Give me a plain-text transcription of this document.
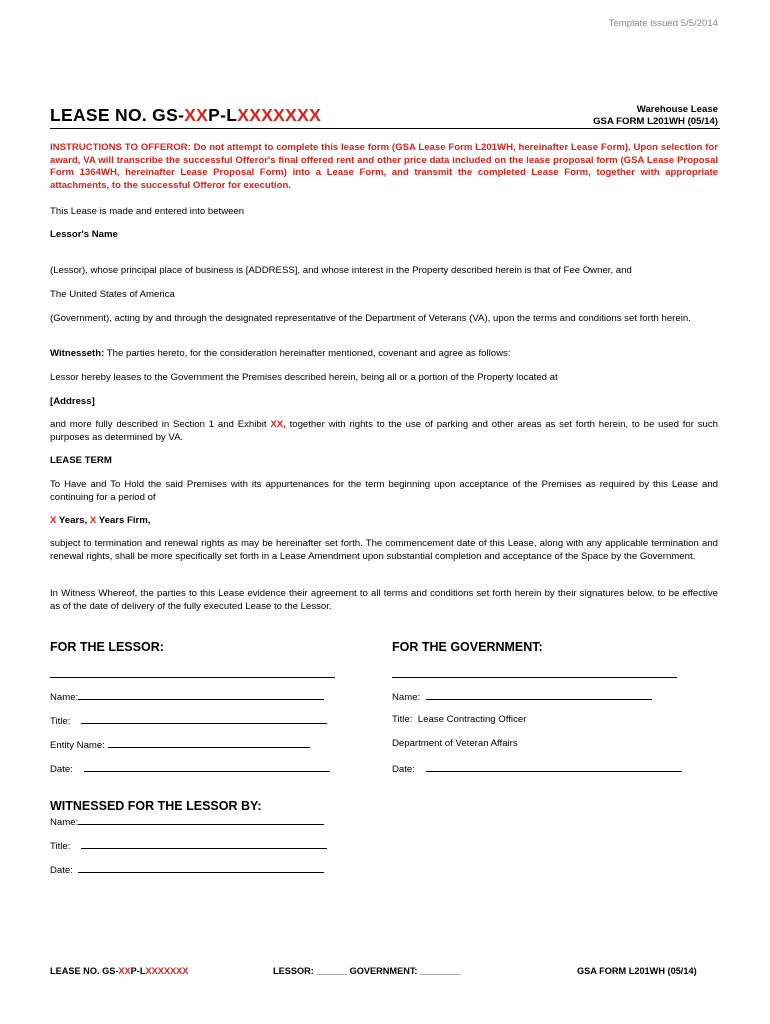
Template issued 5/5/2014
LEASE NO. GS-XXP-LXXXXXXX	Warehouse Lease
GSA FORM L201WH (05/14)
INSTRUCTIONS TO OFFEROR: Do not attempt to complete this lease form (GSA Lease Form L201WH, hereinafter Lease Form). Upon selection for award, VA will transcribe the successful Offeror's final offered rent and other price data included on the lease proposal form (GSA Lease Proposal Form 1364WH, hereinafter Lease Proposal Form) into a Lease Form, and transmit the completed Lease Form, together with appropriate attachments, to the successful Offeror for execution.
This Lease is made and entered into between
Lessor's Name
(Lessor), whose principal place of business is [ADDRESS], and whose interest in the Property described herein is that of Fee Owner, and
The United States of America
(Government), acting by and through the designated representative of the Department of Veterans (VA), upon the terms and conditions set forth herein.
Witnesseth: The parties hereto, for the consideration hereinafter mentioned, covenant and agree as follows:
Lessor hereby leases to the Government the Premises described herein, being all or a portion of the Property located at
[Address]
and more fully described in Section 1 and Exhibit XX, together with rights to the use of parking and other areas as set forth herein, to be used for such purposes as determined by VA.
LEASE TERM
To Have and To Hold the said Premises with its appurtenances for the term beginning upon acceptance of the Premises as required by this Lease and continuing for a period of
X Years, X Years Firm,
subject to termination and renewal rights as may be hereinafter set forth. The commencement date of this Lease, along with any applicable termination and renewal rights, shall be more specifically set forth in a Lease Amendment upon substantial completion and acceptance of the Space by the Government.
In Witness Whereof, the parties to this Lease evidence their agreement to all terms and conditions set forth herein by their signatures below, to be effective as of the date of delivery of the fully executed Lease to the Lessor.
FOR THE LESSOR:	FOR THE GOVERNMENT:
Name:	Name:
Title:	Title: Lease Contracting Officer
Entity Name:	Department of Veteran Affairs
Date:	Date:
WITNESSED FOR THE LESSOR BY:
Name:
Title:
Date:
LEASE NO. GS-XXP-LXXXXXXX	LESSOR: ______ GOVERNMENT: ________	GSA FORM L201WH (05/14)
